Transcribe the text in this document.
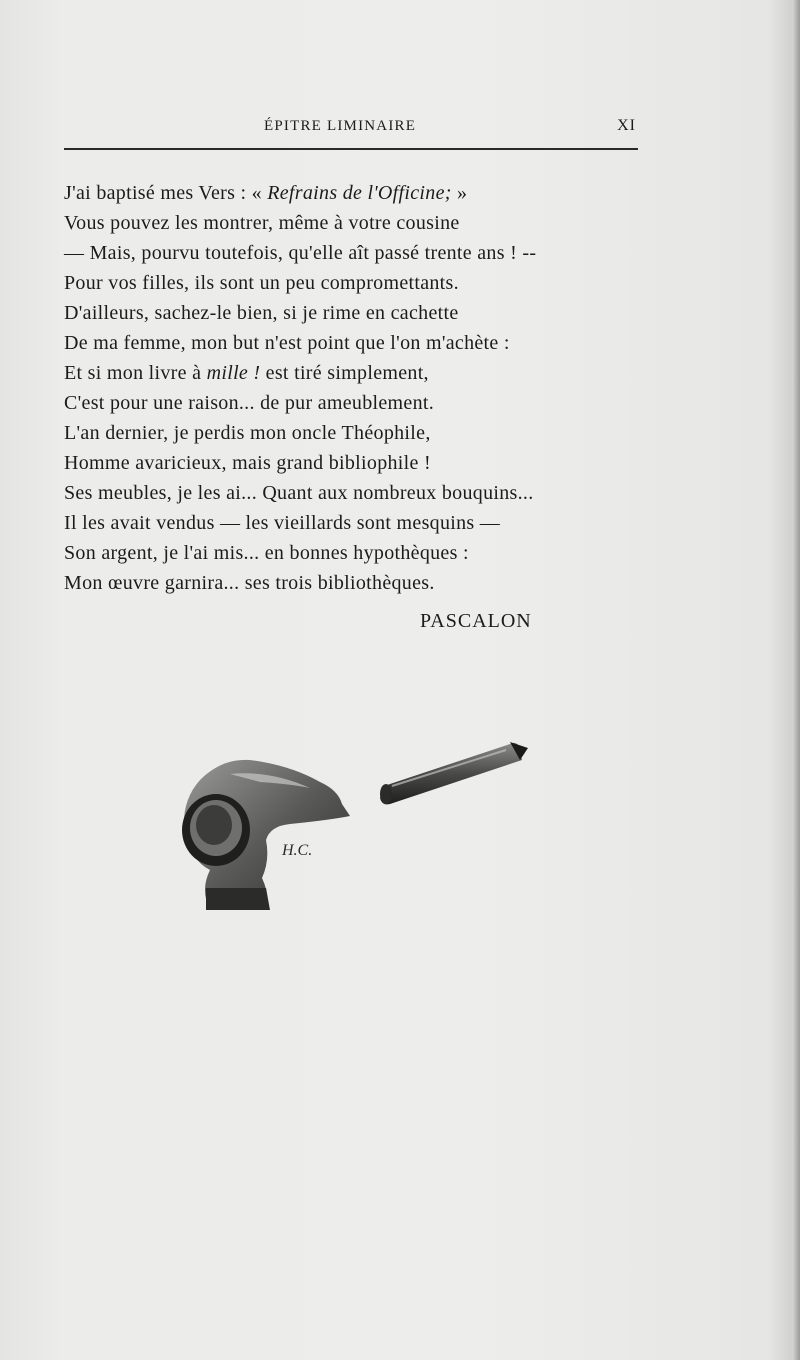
ÉPITRE LIMINAIRE	XI
J'ai baptisé mes Vers : « Refrains de l'Officine; »
Vous pouvez les montrer, même à votre cousine
— Mais, pourvu toutefois, qu'elle aît passé trente ans ! --
Pour vos filles, ils sont un peu compromettants.
D'ailleurs, sachez-le bien, si je rime en cachette
De ma femme, mon but n'est point que l'on m'achète :
Et si mon livre à mille ! est tiré simplement,
C'est pour une raison... de pur ameublement.
L'an dernier, je perdis mon oncle Théophile,
Homme avaricieux, mais grand bibliophile !
Ses meubles, je les ai... Quant aux nombreux bouquins...
Il les avait vendus — les vieillards sont mesquins —
Son argent, je l'ai mis... en bonnes hypothèques :
Mon œuvre garnira... ses trois bibliothèques.
PASCALON
H.C.
